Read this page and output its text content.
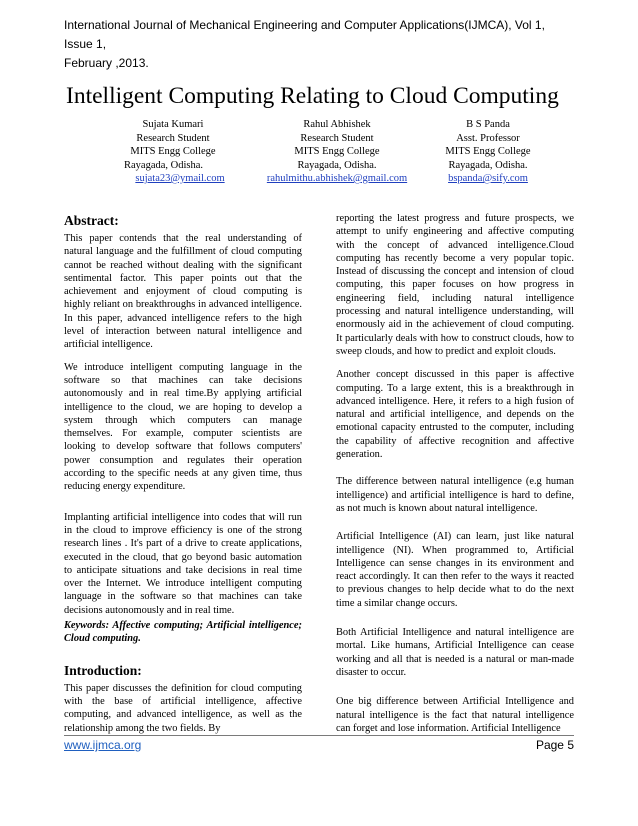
International Journal of Mechanical Engineering and Computer Applications(IJMCA), Vol 1, Issue 1,
February ,2013.
Intelligent Computing Relating to Cloud Computing
Sujata Kumari
Research Student
MITS Engg College
Rayagada, Odisha.
sujata23@ymail.com
Rahul Abhishek
Research Student
MITS Engg College
Rayagada, Odisha.
rahulmithu.abhishek@gmail.com
B S Panda
Asst. Professor
MITS Engg College
Rayagada, Odisha.
bspanda@sify.com
Abstract:

This paper contends that the real understanding of natural language and the fulfillment of cloud computing cannot be reached without dealing with the significant sentimental factor. This paper points out that the achievement and enjoyment of cloud computing is highly reliant on breakthroughs in advanced intelligence. In this paper, advanced intelligence refers to the high level of interaction between natural intelligence and artificial intelligence.

We introduce intelligent computing language in the software so that machines can take decisions autonomously and in real time.By applying artificial intelligence to the cloud, we are hoping to develop a system through which computers can manage themselves. For example, computer scientists are looking to develop software that follows computers' power consumption and regulates their operation according to the specific needs at any given time, thus reducing energy expenditure.

Implanting artificial intelligence into codes that will run in the cloud to improve efficiency is one of the strong research lines . It's part of a drive to create applications, executed in the cloud, that go beyond basic automation to anticipate situations and take decisions in real time over the Internet. We introduce intelligent computing language in the software so that machines can take decisions autonomously and in real time.

Keywords: Affective computing; Artificial intelligence; Cloud computing.

Introduction:

This paper discusses the definition for cloud computing with the base of artificial intelligence, affective computing, and advanced intelligence, as well as the relationship among the two fields. By

reporting the latest progress and future prospects, we attempt to unify engineering and affective computing with the concept of advanced intelligence.Cloud computing has recently become a very popular topic. Instead of discussing the concept and intension of cloud computing, this paper focuses on how progress in engineering field, including natural intelligence processing and natural intelligence understanding, will enormously aid in the achievement of cloud computing. It particularly deals with how to construct clouds, how to sweep clouds, and how to predict and exploit clouds.

Another concept discussed in this paper is affective computing. To a large extent, this is a breakthrough in advanced intelligence. Here, it refers to a high fusion of natural and artificial intelligence, and depends on the emotional capacity entrusted to the computer, including the capability of affective recognition and affective generation.

The difference between natural intelligence (e.g human intelligence) and artificial intelligence is hard to define, as not much is known about natural intelligence.

Artificial Intelligence (AI) can learn, just like natural intelligence (NI). When programmed to, Artificial Intelligence can sense changes in its environment and react accordingly. It can then refer to the ways it reacted to previous changes to help decide what to do the next time a similar change occurs.

Both Artificial Intelligence and natural intelligence are mortal. Like humans, Artificial Intelligence can cease working and all that is needed is a natural or man-made disaster to occur.

One big difference between Artificial Intelligence and natural intelligence is the fact that natural intelligence can forget and lose information. Artificial Intelligence

www.ijmca.org	Page 5
